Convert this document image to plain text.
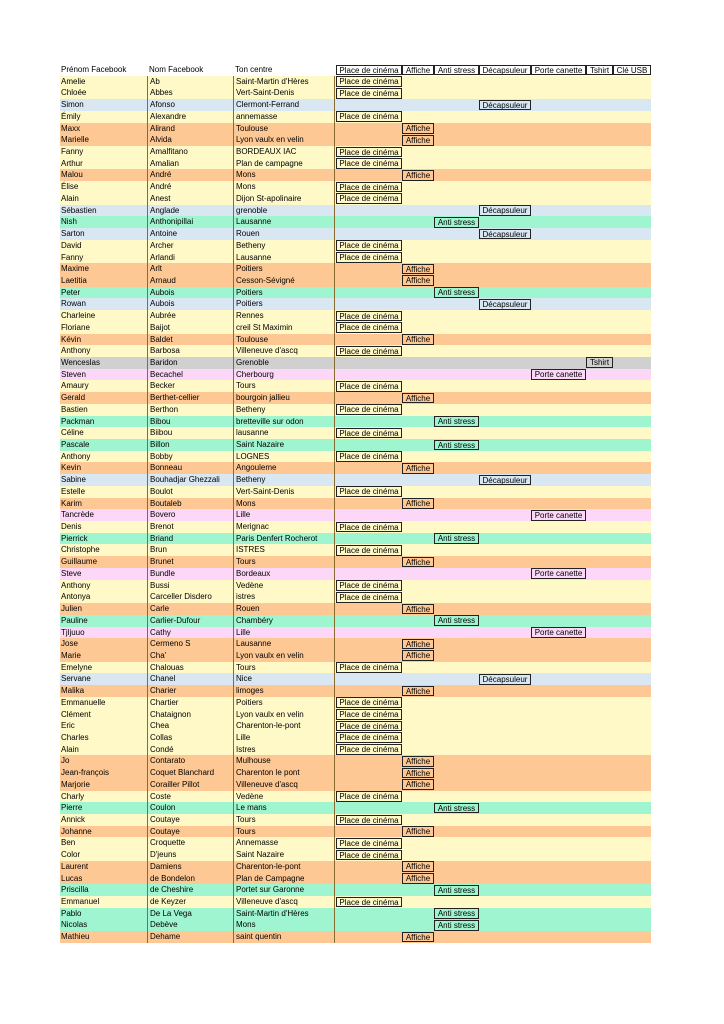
Prénom Facebook	Nom Facebook	Ton centre	Place de cinéma Affiche Anti stress Décapsuleur Porte canette Tshirt Clé USB
Amelie	Ab	Saint-Martin d'Hères	Place de cinéma
Chloée	Abbes	Vert-Saint-Denis	Place de cinéma
Simon	Afonso	Clermont-Ferrand	Décapsuleur
Émily	Alexandre	annemasse	Place de cinéma
Maxx	Alirand	Toulouse	Affiche
Marielle	Alvida	Lyon vaulx en velin	Affiche
Fanny	Amalfitano	BORDEAUX IAC	Place de cinéma
Arthur	Amalian	Plan de campagne	Place de cinéma
Malou	André	Mons	Affiche
Élise	André	Mons	Place de cinéma
Alain	Anest	Dijon St-apolinaire	Place de cinéma
Sébastien	Anglade	grenoble	Décapsuleur
Nish	Anthonipillai	Lausanne	Anti stress
Sarton	Antoine	Rouen	Décapsuleur
David	Archer	Betheny	Place de cinéma
Fanny	Arlandi	Lausanne	Place de cinéma
Maxime	Arlt	Poitiers	Affiche
Laetitia	Arnaud	Cesson-Sévigné	Affiche
Peter	Aubois	Poitiers	Anti stress
Rowan	Aubois	Poitiers	Décapsuleur
Charleine	Aubrée	Rennes	Place de cinéma
Floriane	Baijot	creil St Maximin	Place de cinéma
Kévin	Baldet	Toulouse	Affiche
Anthony	Barbosa	Villeneuve d'ascq	Place de cinéma
Wenceslas	Baridon	Grenoble	Tshirt
Steven	Becachel	Cherbourg	Porte canette
Amaury	Becker	Tours	Place de cinéma
Gerald	Berthet-cellier	bourgoin jallieu	Affiche
Bastien	Berthon	Betheny	Place de cinéma
Packman	Bibou	bretteville sur odon	Anti stress
Céline	Biibou	lausanne	Place de cinéma
Pascale	Billon	Saint Nazaire	Anti stress
Anthony	Bobby	LOGNES	Place de cinéma
Kevin	Bonneau	Angouleme	Affiche
Sabine	Bouhadjar Ghezzali	Betheny	Décapsuleur
Estelle	Boulot	Vert-Saint-Denis	Place de cinéma
Karim	Boutaleb	Mons	Affiche
Tancrède	Bovero	Lille	Porte canette
Denis	Brenot	Merignac	Place de cinéma
Pierrick	Briand	Paris Denfert Rocherot	Anti stress
Christophe	Brun	ISTRES	Place de cinéma
Guillaume	Brunet	Tours	Affiche
Steve	Bundle	Bordeaux	Porte canette
Anthony	Bussi	Vedène	Place de cinéma
Antonya	Carceller Disdero	istres	Place de cinéma
Julien	Carle	Rouen	Affiche
Pauline	Carlier-Dufour	Chambéry	Anti stress
Tjljuuo	Cathy	Lille	Porte canette
Jose	Cermeno S	Lausanne	Affiche
Marie	Cha'	Lyon vaulx en velin	Affiche
Emelyne	Chalouas	Tours	Place de cinéma
Servane	Chanel	Nice	Décapsuleur
Malika	Charier	limoges	Affiche
Emmanuelle	Chartier	Poitiers	Place de cinéma
Clément	Chataignon	Lyon vaulx en velin	Place de cinéma
Eric	Chea	Charenton-le-pont	Place de cinéma
Charles	Collas	Lille	Place de cinéma
Alain	Condé	Istres	Place de cinéma
Jo	Contarato	Mulhouse	Affiche
Jean-françois	Coquet Blanchard	Charenton le pont	Affiche
Marjorie	Corailler Pillot	Villeneuve d'ascq	Affiche
Charly	Coste	Vedène	Place de cinéma
Pierre	Coulon	Le mans	Anti stress
Annick	Coutaye	Tours	Place de cinéma
Johanne	Coutaye	Tours	Affiche
Ben	Croquette	Annemasse	Place de cinéma
Color	D'jeuns	Saint Nazaire	Place de cinéma
Laurent	Damiens	Charenton-le-pont	Affiche
Lucas	de Bondelon	Plan de Campagne	Affiche
Priscilla	de Cheshire	Portet sur Garonne	Anti stress
Emmanuel	de Keyzer	Villeneuve d'ascq	Place de cinéma
Pablo	De La Vega	Saint-Martin d'Hères	Anti stress
Nicolas	Debève	Mons	Anti stress
Mathieu	Dehame	saint quentin	Affiche
